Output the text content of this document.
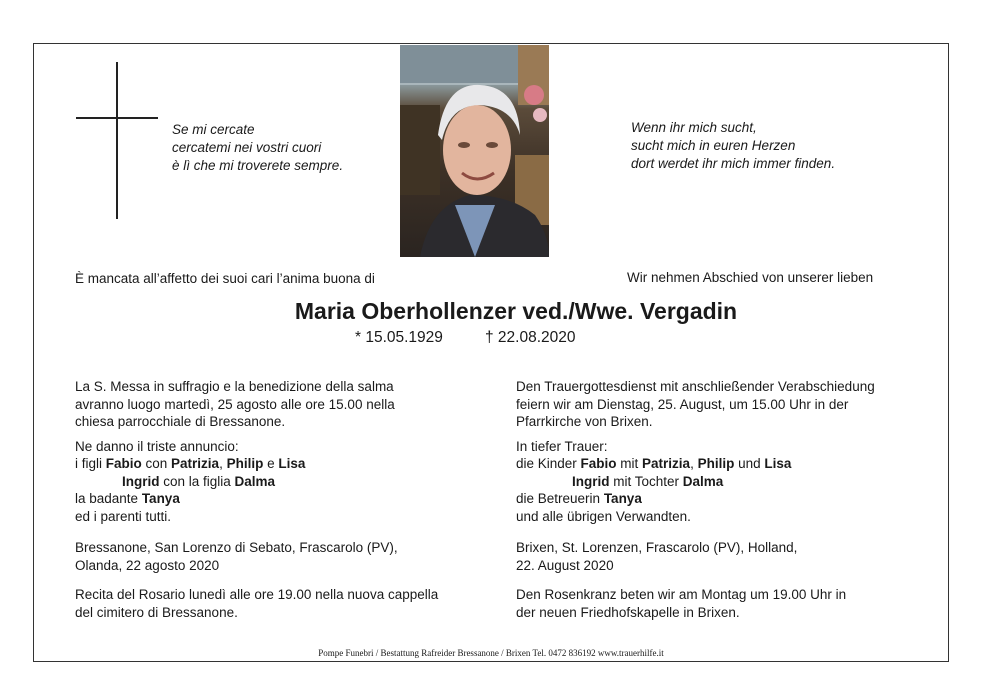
Se mi cercate
cercatemi nei vostri cuori
è lì che mi troverete sempre.
Wenn ihr mich sucht,
sucht mich in euren Herzen
dort werdet ihr mich immer finden.
È mancata all’affetto dei suoi cari l’anima buona di	Wir nehmen Abschied von unserer lieben
Maria Oberhollenzer ved./Wwe. Vergadin
* 15.05.1929	† 22.08.2020
La S. Messa in suffragio e la benedizione della salma
avranno luogo martedì, 25 agosto alle ore 15.00 nella
chiesa parrocchiale di Bressanone.
Ne danno il triste annuncio:
i figli Fabio con Patrizia, Philip e Lisa
Ingrid con la figlia Dalma
la badante Tanya
ed i parenti tutti.
Bressanone, San Lorenzo di Sebato, Frascarolo (PV),
Olanda, 22 agosto 2020
Recita del Rosario lunedì alle ore 19.00 nella nuova cappella
del cimitero di Bressanone.
Den Trauergottesdienst mit anschließender Verabschiedung
feiern wir am Dienstag, 25. August, um 15.00 Uhr in der
Pfarrkirche von Brixen.
In tiefer Trauer:
die Kinder Fabio mit Patrizia, Philip und Lisa
Ingrid mit Tochter Dalma
die Betreuerin Tanya
und alle übrigen Verwandten.
Brixen, St. Lorenzen, Frascarolo (PV), Holland,
22. August 2020
Den Rosenkranz beten wir am Montag um 19.00 Uhr in
der neuen Friedhofskapelle in Brixen.
Pompe Funebri / Bestattung Rafreider Bressanone / Brixen Tel. 0472 836192 www.trauerhilfe.it
